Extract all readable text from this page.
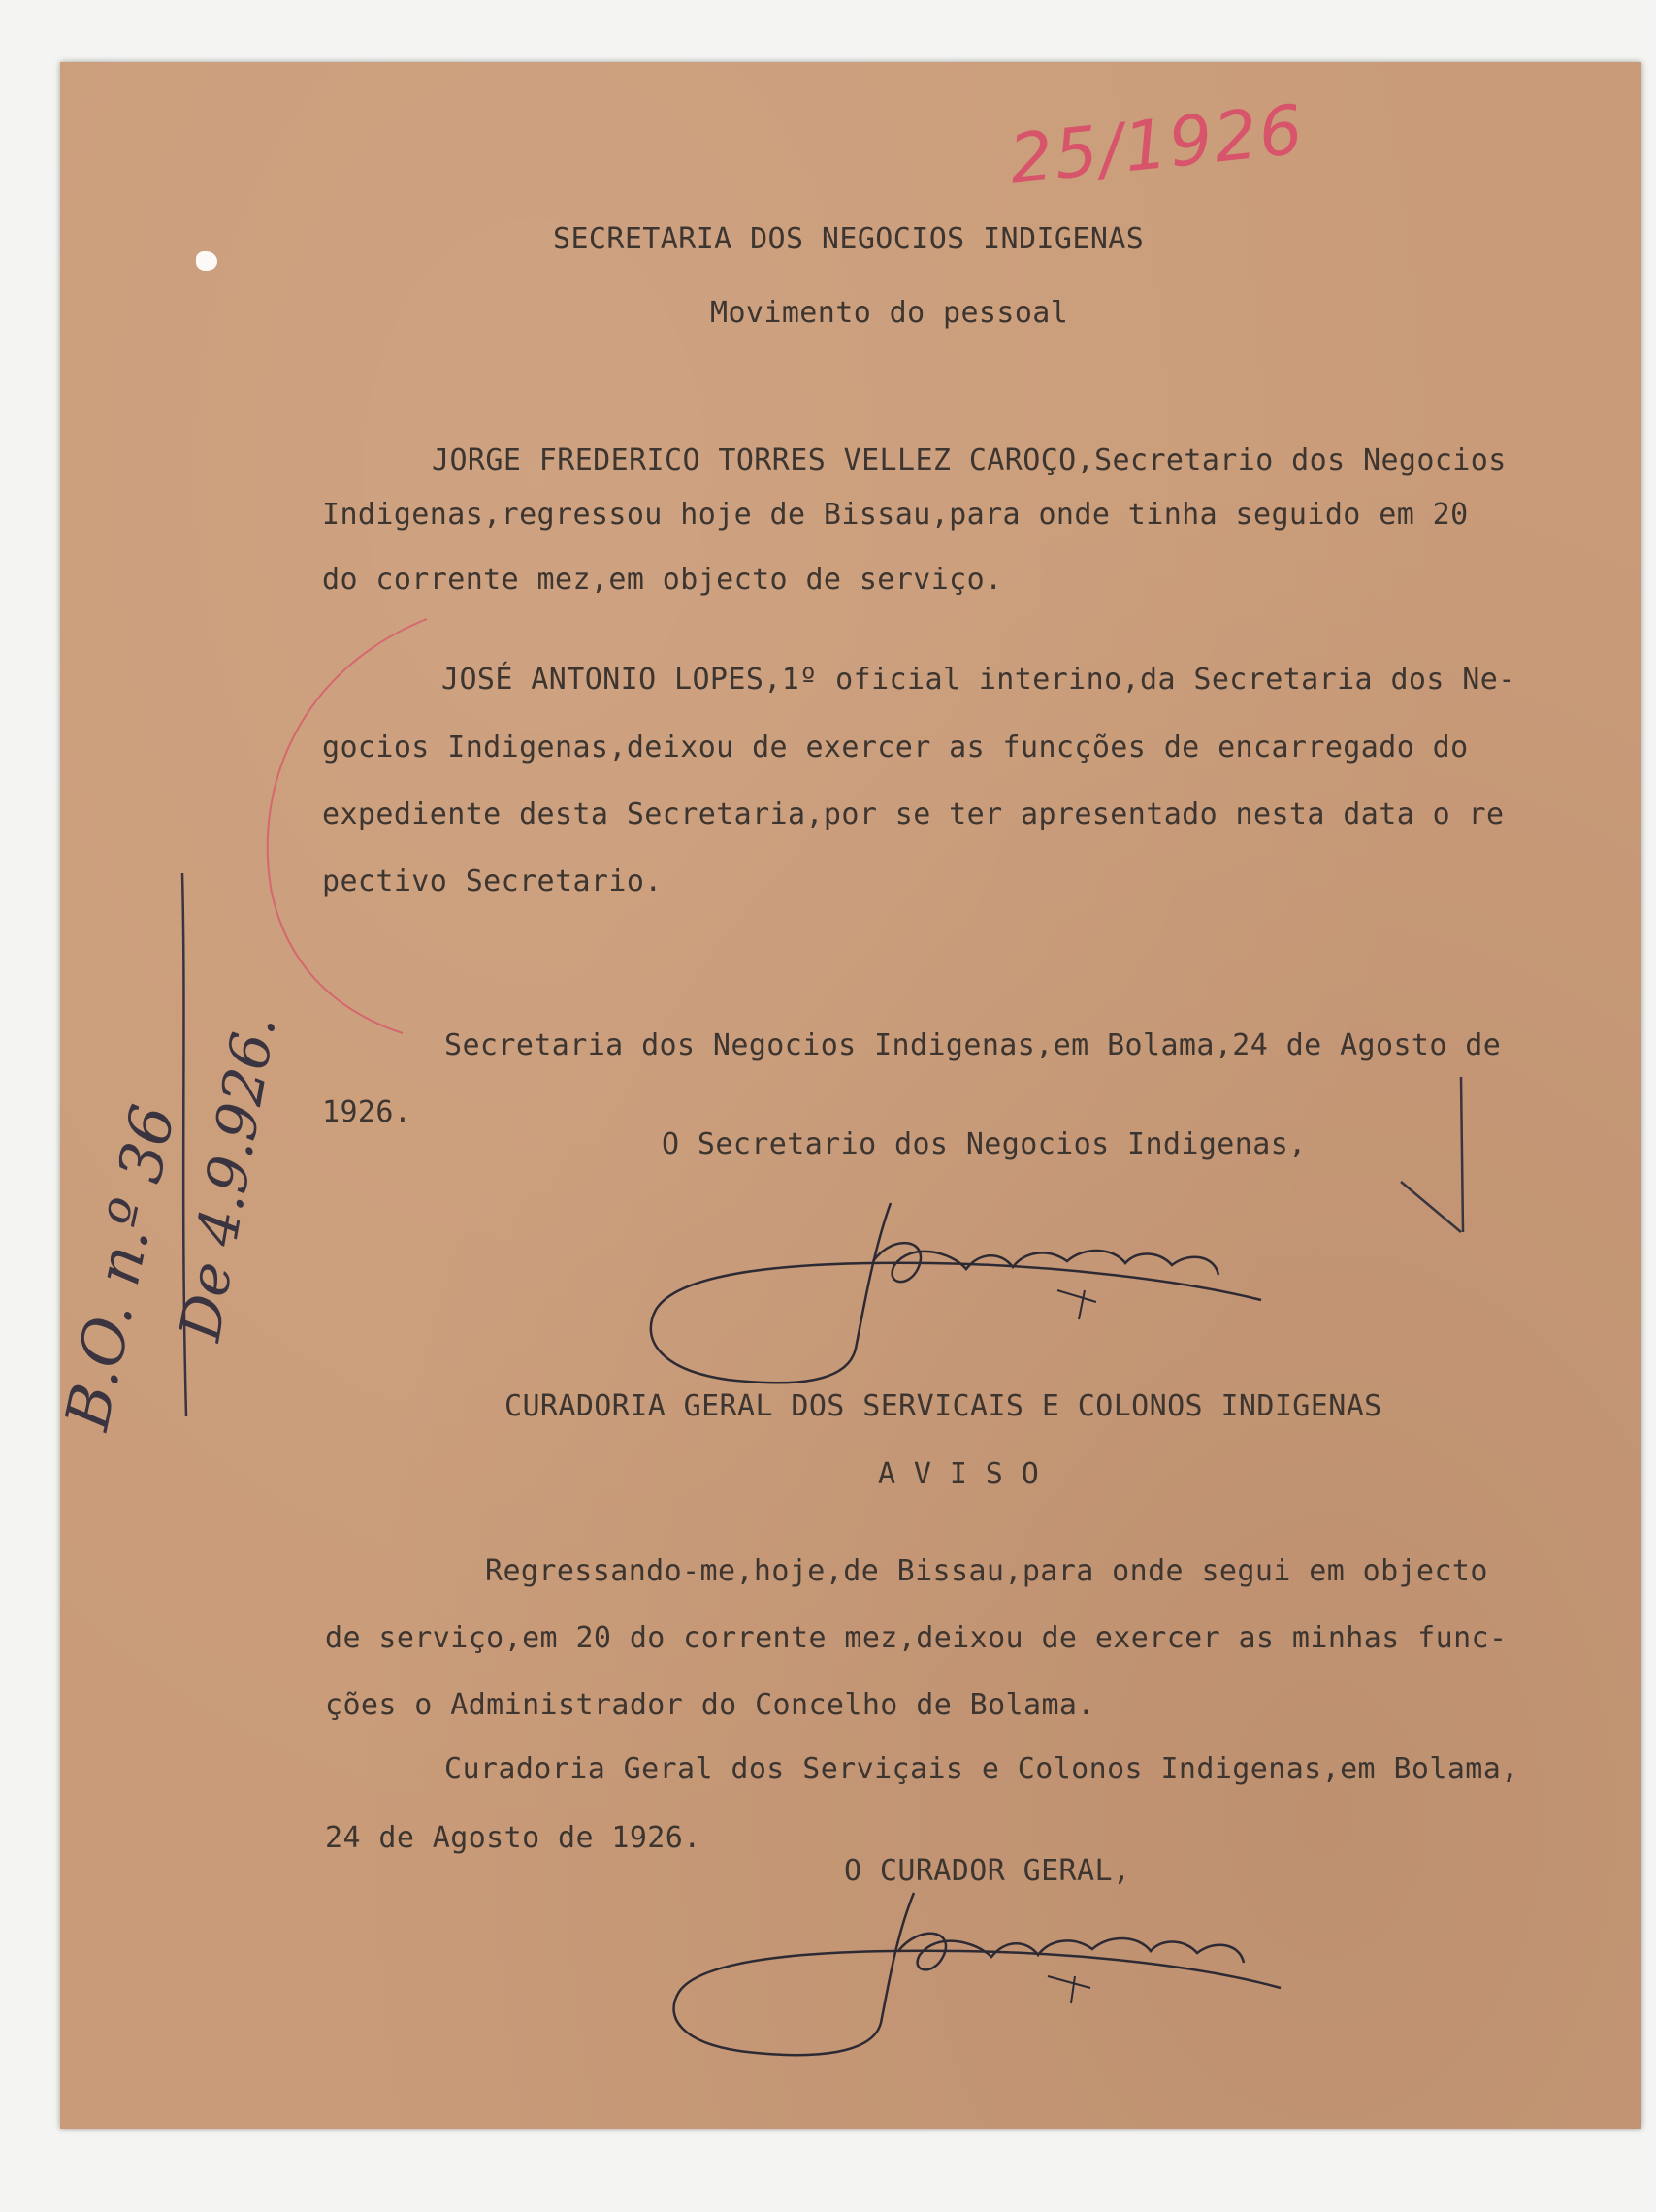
25/1926
B.O. n.º 36
De 4.9.926.

SECRETARIA DOS NEGOCIOS INDIGENAS

Movimento do pessoal

JORGE FREDERICO TORRES VELLEZ CAROÇO,Secretario dos Negocios

Indigenas,regressou hoje de Bissau,para onde tinha seguido em 20

do corrente mez,em objecto de serviço.

JOSÉ ANTONIO LOPES,1º oficial interino,da Secretaria dos Ne-

gocios Indigenas,deixou de exercer as funcções de encarregado do

expediente desta Secretaria,por se ter apresentado nesta data o re

pectivo Secretario.

Secretaria dos Negocios Indigenas,em Bolama,24 de Agosto de

1926.

O Secretario dos Negocios Indigenas,

CURADORIA GERAL DOS SERVICAIS E COLONOS INDIGENAS

A V I S O

Regressando-me,hoje,de Bissau,para onde segui em objecto

de serviço,em 20 do corrente mez,deixou de exercer as minhas func-

ções o Administrador do Concelho de Bolama.

Curadoria Geral dos Serviçais e Colonos Indigenas,em Bolama,

24 de Agosto de 1926.

O CURADOR GERAL,
